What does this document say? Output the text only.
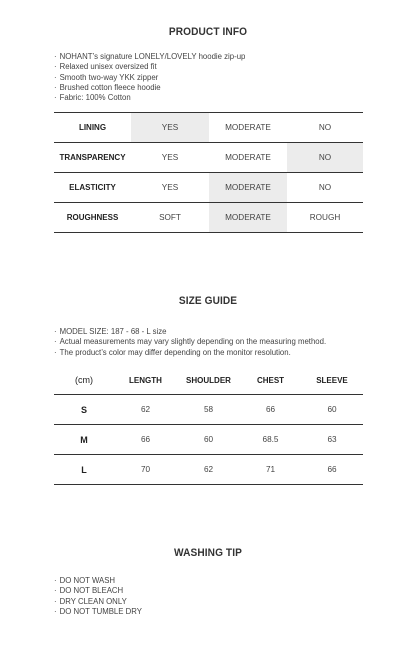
PRODUCT INFO
· NOHANT’s signature LONELY/LOVELY hoodie zip-up
· Relaxed unisex oversized fit
· Smooth two-way YKK zipper
· Brushed cotton fleece hoodie
· Fabric: 100% Cotton
LINING	YES	MODERATE	NO
TRANSPARENCY	YES	MODERATE	NO
ELASTICITY	YES	MODERATE	NO
ROUGHNESS	SOFT	MODERATE	ROUGH
SIZE GUIDE
· MODEL SIZE: 187 - 68 - L size
· Actual measurements may vary slightly depending on the measuring method.
· The product’s color may differ depending on the monitor resolution.
(cm)	LENGTH	SHOULDER	CHEST	SLEEVE
S	62	58	66	60
M	66	60	68.5	63
L	70	62	71	66
WASHING TIP
· DO NOT WASH
· DO NOT BLEACH
· DRY CLEAN ONLY
· DO NOT TUMBLE DRY
